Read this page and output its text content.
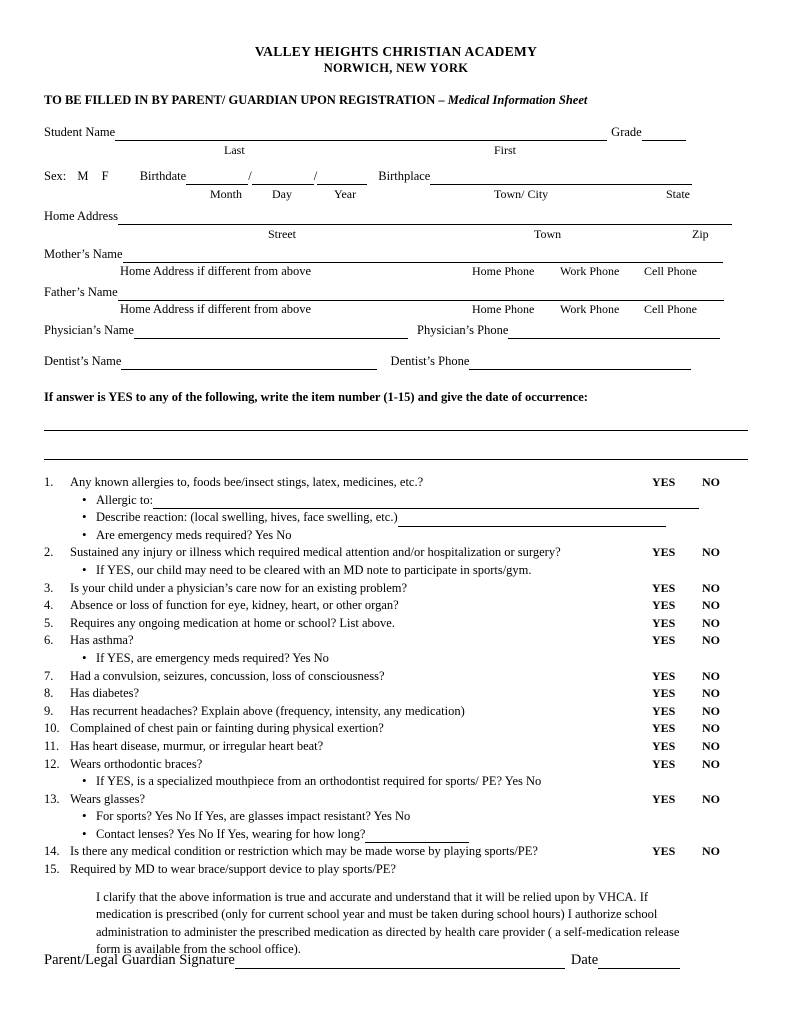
VALLEY HEIGHTS CHRISTIAN ACADEMY
NORWICH, NEW YORK
TO BE FILLED IN BY PARENT/ GUARDIAN UPON REGISTRATION – Medical Information Sheet
Student Name	Grade
Last	First
Sex: M F Birthdate	/	/	Birthplace
Month Day	Year	Town/ City	State
Home Address
Street	Town	Zip
Mother’s Name
Home Address if different from above	Home Phone Work Phone Cell Phone
Father’s Name
Home Address if different from above	Home Phone Work Phone Cell Phone
Physician’s Name	Physician’s Phone
Dentist’s Name	Dentist’s Phone
If answer is YES to any of the following, write the item number (1-15) and give the date of occurrence:
1.	Any known allergies to, foods bee/insect stings, latex, medicines, etc.?	YES NO
• Allergic to:
• Describe reaction: (local swelling, hives, face swelling, etc.)
• Are emergency meds required? Yes No
2.	Sustained any injury or illness which required medical attention and/or hospitalization or surgery?	YES NO
• If YES, our child may need to be cleared with an MD note to participate in sports/gym.
3.	Is your child under a physician’s care now for an existing problem?	YES NO
4.	Absence or loss of function for eye, kidney, heart, or other organ?	YES NO
5.	Requires any ongoing medication at home or school? List above.	YES NO
6.	Has asthma?	YES NO
• If YES, are emergency meds required? Yes No
7.	Had a convulsion, seizures, concussion, loss of consciousness?	YES NO
8.	Has diabetes?	YES NO
9.	Has recurrent headaches? Explain above (frequency, intensity, any medication)	YES NO
10. Complained of chest pain or fainting during physical exertion?	YES NO
11. Has heart disease, murmur, or irregular heart beat?	YES NO
12. Wears orthodontic braces?	YES NO
• If YES, is a specialized mouthpiece from an orthodontist required for sports/ PE? Yes No
13. Wears glasses?	YES NO
• For sports? Yes No If Yes, are glasses impact resistant? Yes No
• Contact lenses? Yes No If Yes, wearing for how long?
14. Is there any medical condition or restriction which may be made worse by playing sports/PE?	YES NO
15. Required by MD to wear brace/support device to play sports/PE?
I clarify that the above information is true and accurate and understand that it will be relied upon by VHCA. If medication is prescribed (only for current school year and must be taken during school hours) I authorize school administration to administer the prescribed medication as directed by health care provider ( a self-medication release form is available from the school office).
Parent/Legal Guardian Signature	Date
